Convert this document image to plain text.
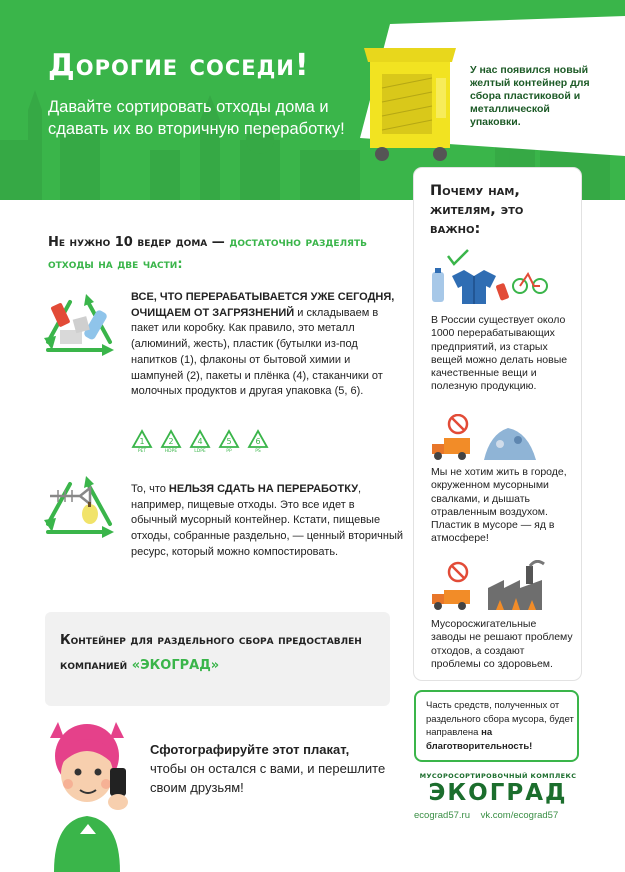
Дорогие соседи!
Давайте сортировать отходы дома и сдавать их во вторичную переработку!
У нас появился новый желтый контейнер для сбора пластиковой и металлической упаковки.
Почему нам, жителям, это важно:
В России существует около 1000 перерабатывающих предприятий, из старых вещей можно делать новые качественные вещи и полезную продукцию.
Мы не хотим жить в городе, окруженном мусорными свалками, и дышать отравленным воздухом. Пластик в мусоре — яд в атмосфере!
Мусоросжигательные заводы не решают проблему отходов, а создают проблемы со здоровьем.
Не нужно 10 ведер дома — достаточно разделять отходы на две части:
ВСЕ, ЧТО ПЕРЕРАБАТЫВАЕТСЯ УЖЕ СЕГОДНЯ, ОЧИЩАЕМ ОТ ЗАГРЯЗНЕНИЙ и складываем в пакет или коробку. Как правило, это металл (алюминий, жесть), пластик (бутылки из-под напитков (1), флаконы от бытовой химии и шампуней (2), пакеты и плёнка (4), стаканчики от молочных продуктов и другая упаковка (5, 6).
1
PET
2
HDPE
4
LDPE
5
PP
6
PS
То, что НЕЛЬЗЯ СДАТЬ НА ПЕРЕРАБОТКУ, например, пищевые отходы. Это все идет в обычный мусорный контейнер. Кстати, пищевые отходы, собранные раздельно, — ценный вторичный ресурс, который можно компостировать.
Контейнер для раздельного сбора предоставлен компанией «ЭКОГРАД»
Сфотографируйте этот плакат,
чтобы он остался с вами, и перешлите своим друзьям!
Часть средств, полученных от раздельного сбора мусора, будет направлена на благотворительность!
МУСОРОСОРТИРОВОЧНЫЙ КОМПЛЕКС
ЭКОГРАД
ecograd57.ru vk.com/ecograd57
